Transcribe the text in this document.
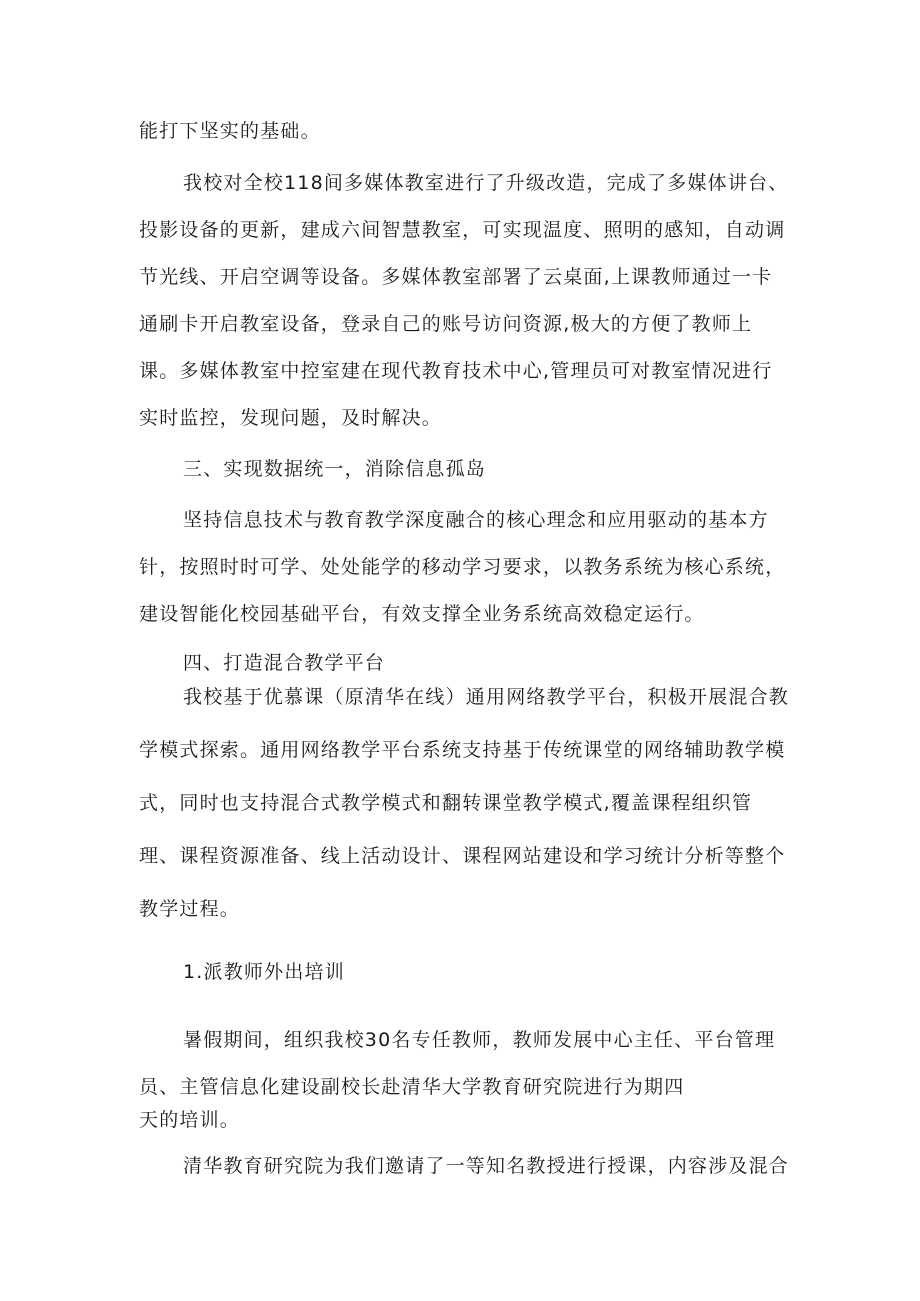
能打下坚实的基础。
我校对全校118间多媒体教室进行了升级改造，完成了多媒体讲台、
投影设备的更新，建成六间智慧教室，可实现温度、照明的感知，自动调
节光线、开启空调等设备。多媒体教室部署了云桌面,上课教师通过一卡
通刷卡开启教室设备，登录自己的账号访问资源,极大的方便了教师上
课。多媒体教室中控室建在现代教育技术中心,管理员可对教室情况进行
实时监控，发现问题，及时解决。
三、实现数据统一，消除信息孤岛
坚持信息技术与教育教学深度融合的核心理念和应用驱动的基本方
针，按照时时可学、处处能学的移动学习要求，以教务系统为核心系统，
建设智能化校园基础平台，有效支撑全业务系统高效稳定运行。
四、打造混合教学平台
我校基于优慕课（原清华在线）通用网络教学平台，积极开展混合教
学模式探索。通用网络教学平台系统支持基于传统课堂的网络辅助教学模
式，同时也支持混合式教学模式和翻转课堂教学模式,覆盖课程组织管
理、课程资源准备、线上活动设计、课程网站建设和学习统计分析等整个
教学过程。
1.派教师外出培训
暑假期间，组织我校30名专任教师，教师发展中心主任、平台管理
员、主管信息化建设副校长赴清华大学教育研究院进行为期四
天的培训。
清华教育研究院为我们邀请了一等知名教授进行授课，内容涉及混合
